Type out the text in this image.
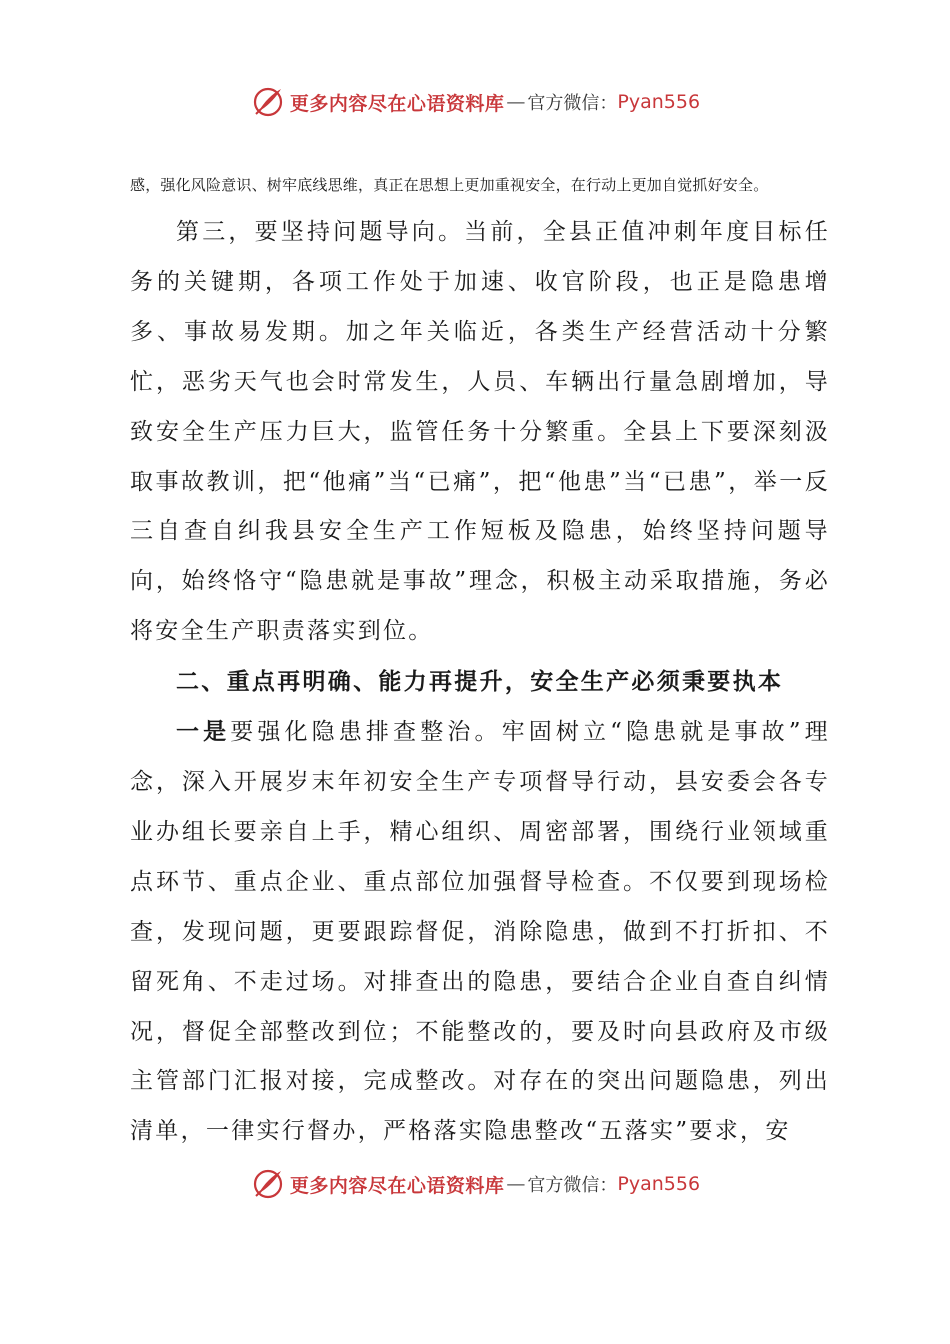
更多内容尽在心语资料库 — 官方微信： Pyan556
感，强化风险意识、树牢底线思维，真正在思想上更加重视安全，在行动上更加自觉抓好安全。

第三，要坚持问题导向。当前，全县正值冲刺年度目标任务的关键期，各项工作处于加速、收官阶段，也正是隐患增多、事故易发期。加之年关临近，各类生产经营活动十分繁忙，恶劣天气也会时常发生，人员、车辆出行量急剧增加，导致安全生产压力巨大，监管任务十分繁重。全县上下要深刻汲取事故教训，把“他痛”当“已痛”，把“他患”当“已患”，举一反三自查自纠我县安全生产工作短板及隐患，始终坚持问题导向，始终恪守“隐患就是事故”理念，积极主动采取措施，务必将安全生产职责落实到位。

二、重点再明确、能力再提升，安全生产必须秉要执本

一是要强化隐患排查整治。牢固树立“隐患就是事故”理念，深入开展岁末年初安全生产专项督导行动，县安委会各专业办组长要亲自上手，精心组织、周密部署，围绕行业领域重点环节、重点企业、重点部位加强督导检查。不仅要到现场检查，发现问题，更要跟踪督促，消除隐患，做到不打折扣、不留死角、不走过场。对排查出的隐患，要结合企业自查自纠情况，督促全部整改到位；不能整改的，要及时向县政府及市级主管部门汇报对接，完成整改。对存在的突出问题隐患，列出清单，一律实行督办，严格落实隐患整改“五落实”要求，安

更多内容尽在心语资料库 — 官方微信： Pyan556
